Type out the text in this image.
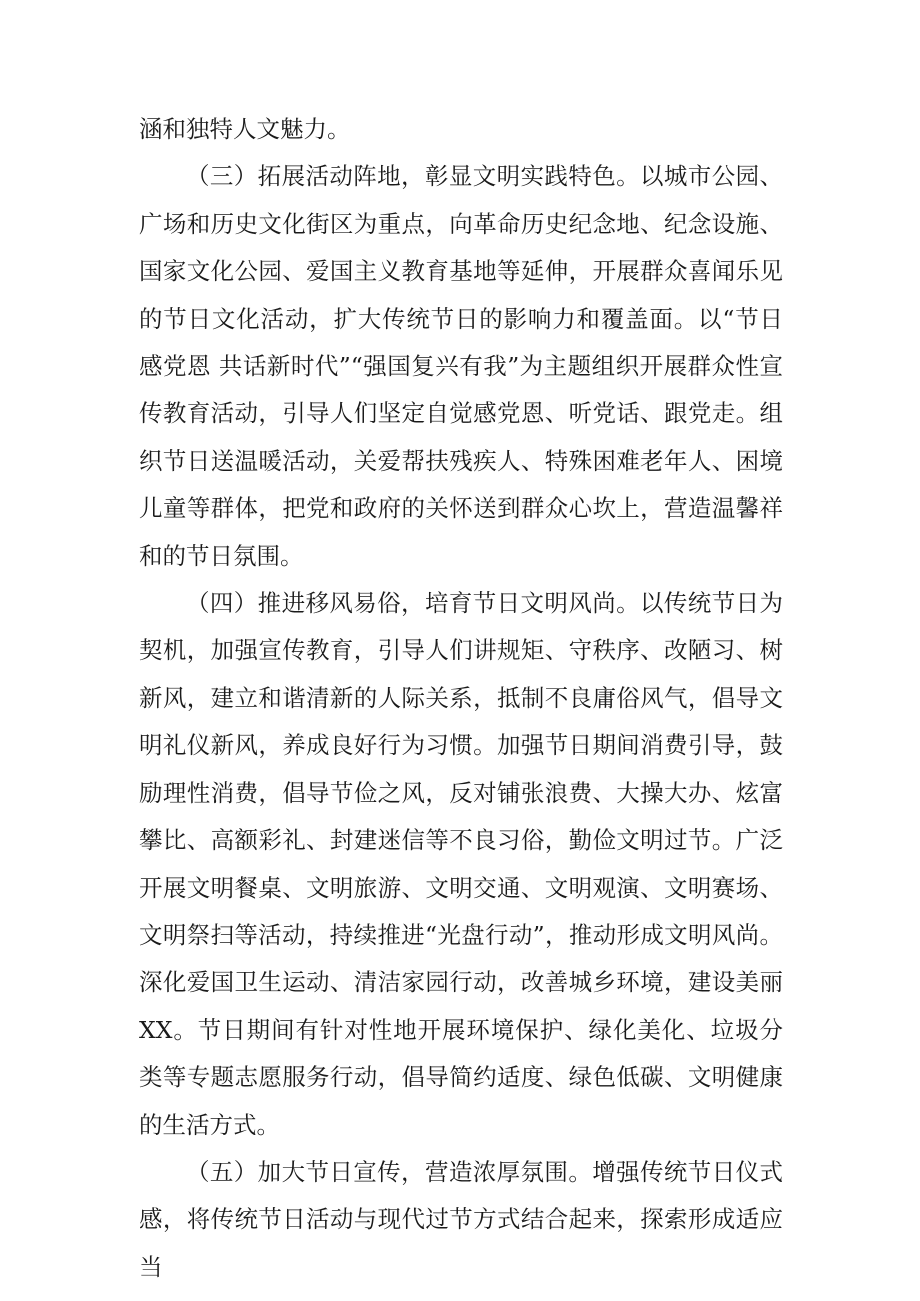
涵和独特人文魅力。

（三）拓展活动阵地，彰显文明实践特色。以城市公园、广场和历史文化街区为重点，向革命历史纪念地、纪念设施、国家文化公园、爱国主义教育基地等延伸，开展群众喜闻乐见的节日文化活动，扩大传统节日的影响力和覆盖面。以“节日感党恩 共话新时代”“强国复兴有我”为主题组织开展群众性宣传教育活动，引导人们坚定自觉感党恩、听党话、跟党走。组织节日送温暖活动，关爱帮扶残疾人、特殊困难老年人、困境儿童等群体，把党和政府的关怀送到群众心坎上，营造温馨祥和的节日氛围。

（四）推进移风易俗，培育节日文明风尚。以传统节日为契机，加强宣传教育，引导人们讲规矩、守秩序、改陋习、树新风，建立和谐清新的人际关系，抵制不良庸俗风气，倡导文明礼仪新风，养成良好行为习惯。加强节日期间消费引导，鼓励理性消费，倡导节俭之风，反对铺张浪费、大操大办、炫富攀比、高额彩礼、封建迷信等不良习俗，勤俭文明过节。广泛开展文明餐桌、文明旅游、文明交通、文明观演、文明赛场、文明祭扫等活动，持续推进“光盘行动”，推动形成文明风尚。深化爱国卫生运动、清洁家园行动，改善城乡环境，建设美丽XX。节日期间有针对性地开展环境保护、绿化美化、垃圾分类等专题志愿服务行动，倡导简约适度、绿色低碳、文明健康的生活方式。

（五）加大节日宣传，营造浓厚氛围。增强传统节日仪式感，将传统节日活动与现代过节方式结合起来，探索形成适应当
